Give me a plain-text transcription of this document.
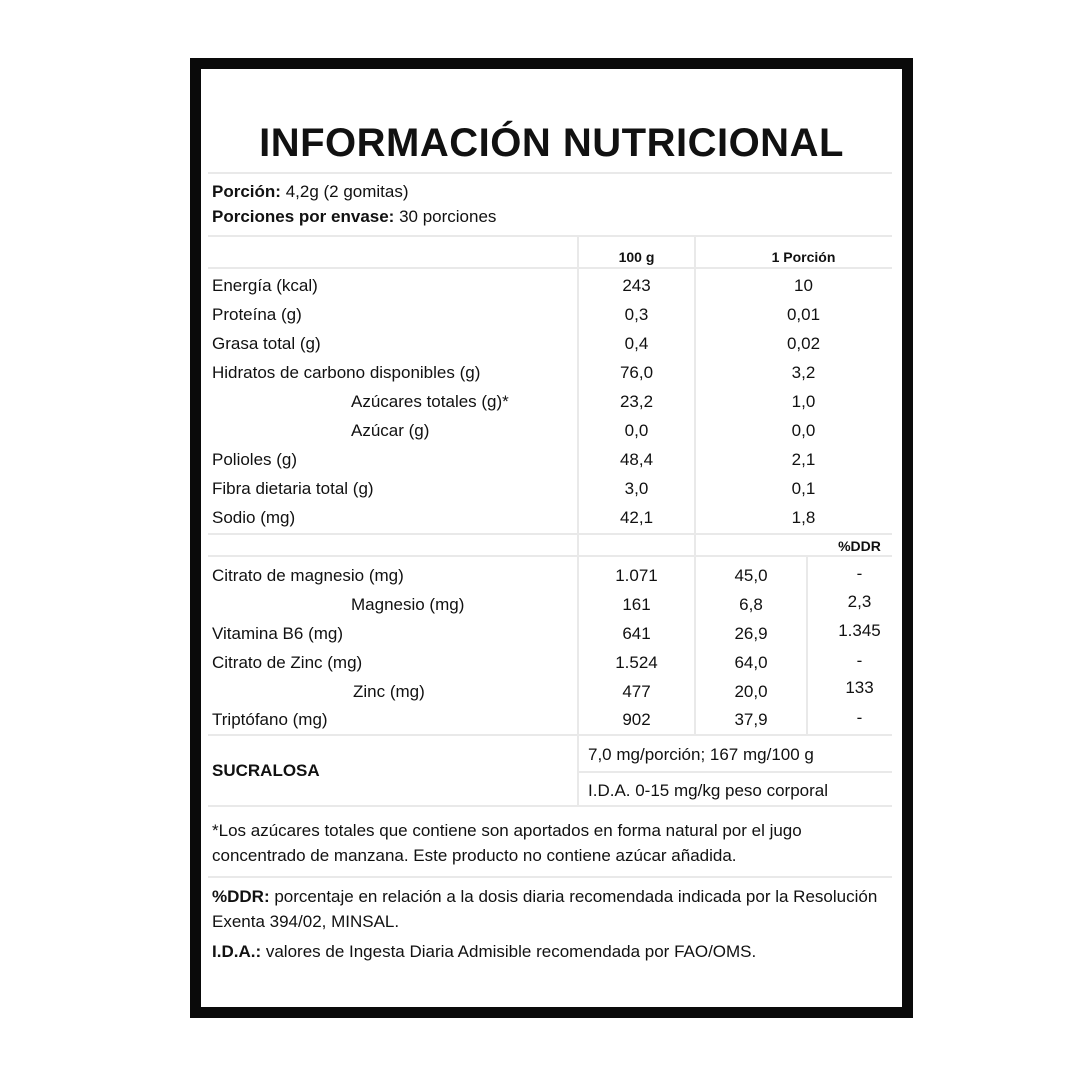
INFORMACIÓN NUTRICIONAL
Porción: 4,2g (2 gomitas)
Porciones por envase: 30 porciones
100 g	1 Porción
%DDR
Energía (kcal)	243	10
Proteína (g)	0,3	0,01
Grasa total (g)	0,4	0,02
Hidratos de carbono disponibles (g)	76,0	3,2
Azúcares totales (g)*	23,2	1,0
Azúcar (g)	0,0	0,0
Polioles (g)	48,4	2,1
Fibra dietaria total (g)	3,0	0,1
Sodio (mg)	42,1	1,8
Citrato de magnesio (mg)	1.071	45,0	-
Magnesio (mg)	161	6,8	2,3
Vitamina B6 (mg)	641	26,9	1.345
Citrato de Zinc (mg)	1.524	64,0	-
Zinc (mg)	477	20,0	133
Triptófano (mg)	902	37,9	-
SUCRALOSA
7,0 mg/porción; 167 mg/100 g
I.D.A. 0-15 mg/kg peso corporal
*Los azúcares totales que contiene son aportados en forma natural por el jugo concentrado de manzana. Este producto no contiene azúcar añadida.
%DDR: porcentaje en relación a la dosis diaria recomendada indicada por la Resolución Exenta 394/02, MINSAL.
I.D.A.: valores de Ingesta Diaria Admisible recomendada por FAO/OMS.
